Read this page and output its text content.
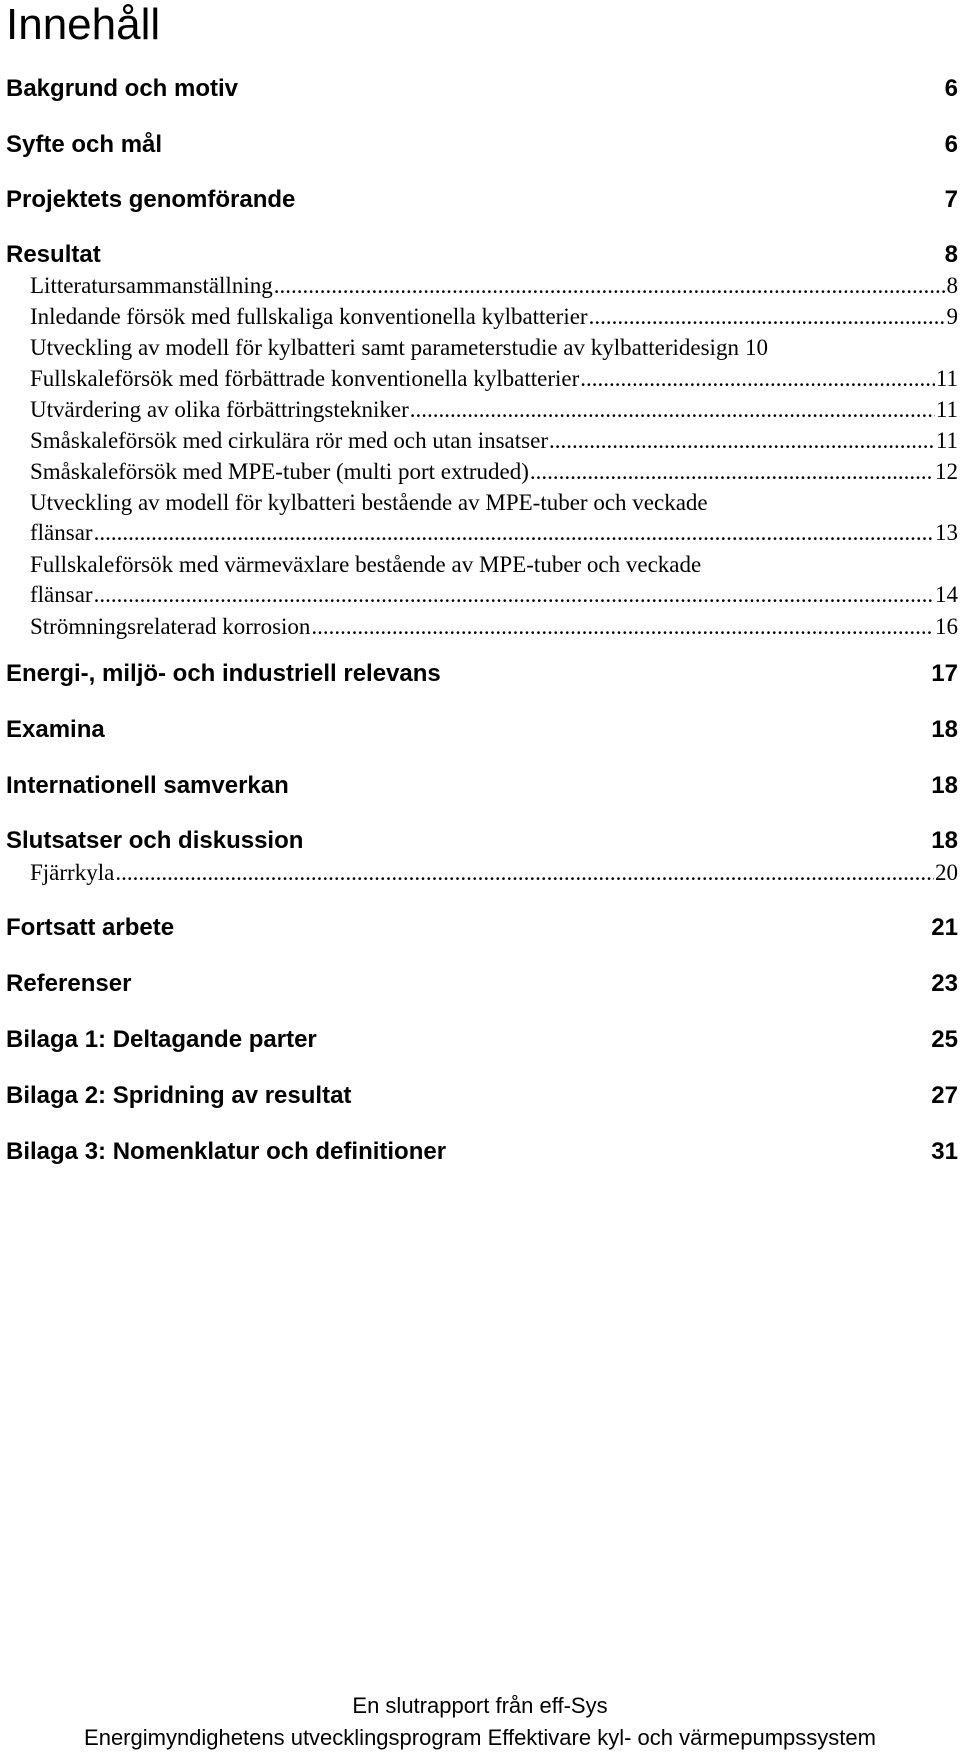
Innehåll
Bakgrund och motiv	6
Syfte och mål	6
Projektets genomförande	7
Resultat	8
Litteratursammanställning .....	8
Inledande försök med fullskaliga konventionella kylbatterier .....	9
Utveckling av modell för kylbatteri samt parameterstudie av kylbatteridesign 10
Fullskaleförsök med förbättrade konventionella kylbatterier .....	11
Utvärdering av olika förbättringstekniker .....	11
Småskaleförsök med cirkulära rör med och utan insatser .....	11
Småskaleförsök med MPE-tuber (multi port extruded) .....	12
Utveckling av modell för kylbatteri bestående av MPE-tuber och veckade
flänsar .....	13
Fullskaleförsök med värmeväxlare bestående av MPE-tuber och veckade
flänsar .....	14
Strömningsrelaterad korrosion .....	16
Energi-, miljö- och industriell relevans	17
Examina	18
Internationell samverkan	18
Slutsatser och diskussion	18
Fjärrkyla .....	20
Fortsatt arbete	21
Referenser	23
Bilaga 1: Deltagande parter	25
Bilaga 2: Spridning av resultat	27
Bilaga 3: Nomenklatur och definitioner	31
En slutrapport från eff-Sys
Energimyndighetens utvecklingsprogram Effektivare kyl- och värmepumpssystem
